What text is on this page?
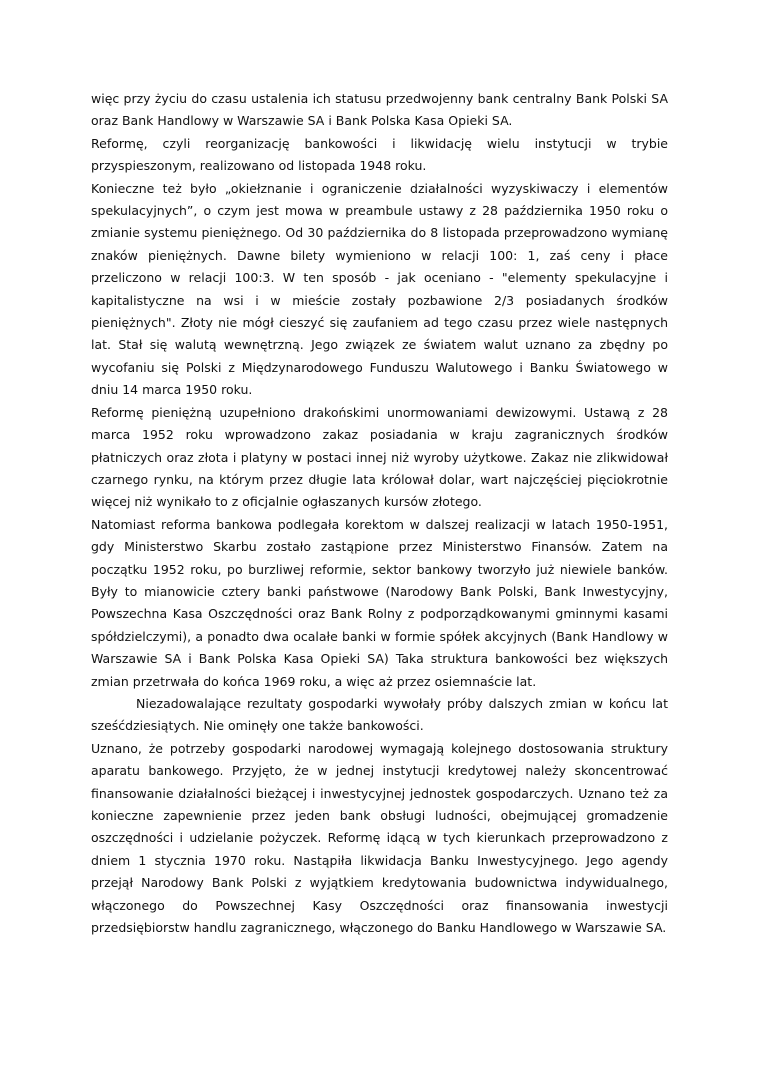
więc przy życiu do czasu ustalenia ich statusu przedwojenny bank centralny Bank Polski SA oraz Bank Handlowy w Warszawie SA i Bank Polska Kasa Opieki SA.

Reformę, czyli reorganizację bankowości i likwidację wielu instytucji w trybie przyspieszonym, realizowano od listopada 1948 roku.

Konieczne też było „okiełznanie i ograniczenie działalności wyzyskiwaczy i elementów spekulacyjnych”, o czym jest mowa w preambule ustawy z 28 października 1950 roku o zmianie systemu pieniężnego. Od 30 października do 8 listopada przeprowadzono wymianę znaków pieniężnych. Dawne bilety wymieniono w relacji 100: 1, zaś ceny i płace przeliczono w relacji 100:3. W ten sposób - jak oceniano - "elementy spekulacyjne i kapitalistyczne na wsi i w mieście zostały pozbawione 2/3 posiadanych środków pieniężnych". Złoty nie mógł cieszyć się zaufaniem ad tego czasu przez wiele następnych lat. Stał się walutą wewnętrzną. Jego związek ze światem walut uznano za zbędny po wycofaniu się Polski z Międzynarodowego Funduszu Walutowego i Banku Światowego w dniu 14 marca 1950 roku.

Reformę pieniężną uzupełniono drakońskimi unormowaniami dewizowymi. Ustawą z 28 marca 1952 roku wprowadzono zakaz posiadania w kraju zagranicznych środków płatniczych oraz złota i platyny w postaci innej niż wyroby użytkowe. Zakaz nie zlikwidował czarnego rynku, na którym przez długie lata królował dolar, wart najczęściej pięciokrotnie więcej niż wynikało to z oficjalnie ogłaszanych kursów złotego.

Natomiast reforma bankowa podlegała korektom w dalszej realizacji w latach 1950-1951, gdy Ministerstwo Skarbu zostało zastąpione przez Ministerstwo Finansów. Zatem na początku 1952 roku, po burzliwej reformie, sektor bankowy tworzyło już niewiele banków. Były to mianowicie cztery banki państwowe (Narodowy Bank Polski, Bank Inwestycyjny, Powszechna Kasa Oszczędności oraz Bank Rolny z podporządkowanymi gminnymi kasami spółdzielczymi), a ponadto dwa ocalałe banki w formie spółek akcyjnych (Bank Handlowy w Warszawie SA i Bank Polska Kasa Opieki SA) Taka struktura bankowości bez większych zmian przetrwała do końca 1969 roku, a więc aż przez osiemnaście lat.

Niezadowalające rezultaty gospodarki wywołały próby dalszych zmian w końcu lat sześćdziesiątych. Nie ominęły one także bankowości.

Uznano, że potrzeby gospodarki narodowej wymagają kolejnego dostosowania struktury aparatu bankowego. Przyjęto, że w jednej instytucji kredytowej należy skoncentrować finansowanie działalności bieżącej i inwestycyjnej jednostek gospodarczych. Uznano też za konieczne zapewnienie przez jeden bank obsługi ludności, obejmującej gromadzenie oszczędności i udzielanie pożyczek. Reformę idącą w tych kierunkach przeprowadzono z dniem 1 stycznia 1970 roku. Nastąpiła likwidacja Banku Inwestycyjnego. Jego agendy przejął Narodowy Bank Polski z wyjątkiem kredytowania budownictwa indywidualnego, włączonego do Powszechnej Kasy Oszczędności oraz finansowania inwestycji przedsiębiorstw handlu zagranicznego, włączonego do Banku Handlowego w Warszawie SA.
